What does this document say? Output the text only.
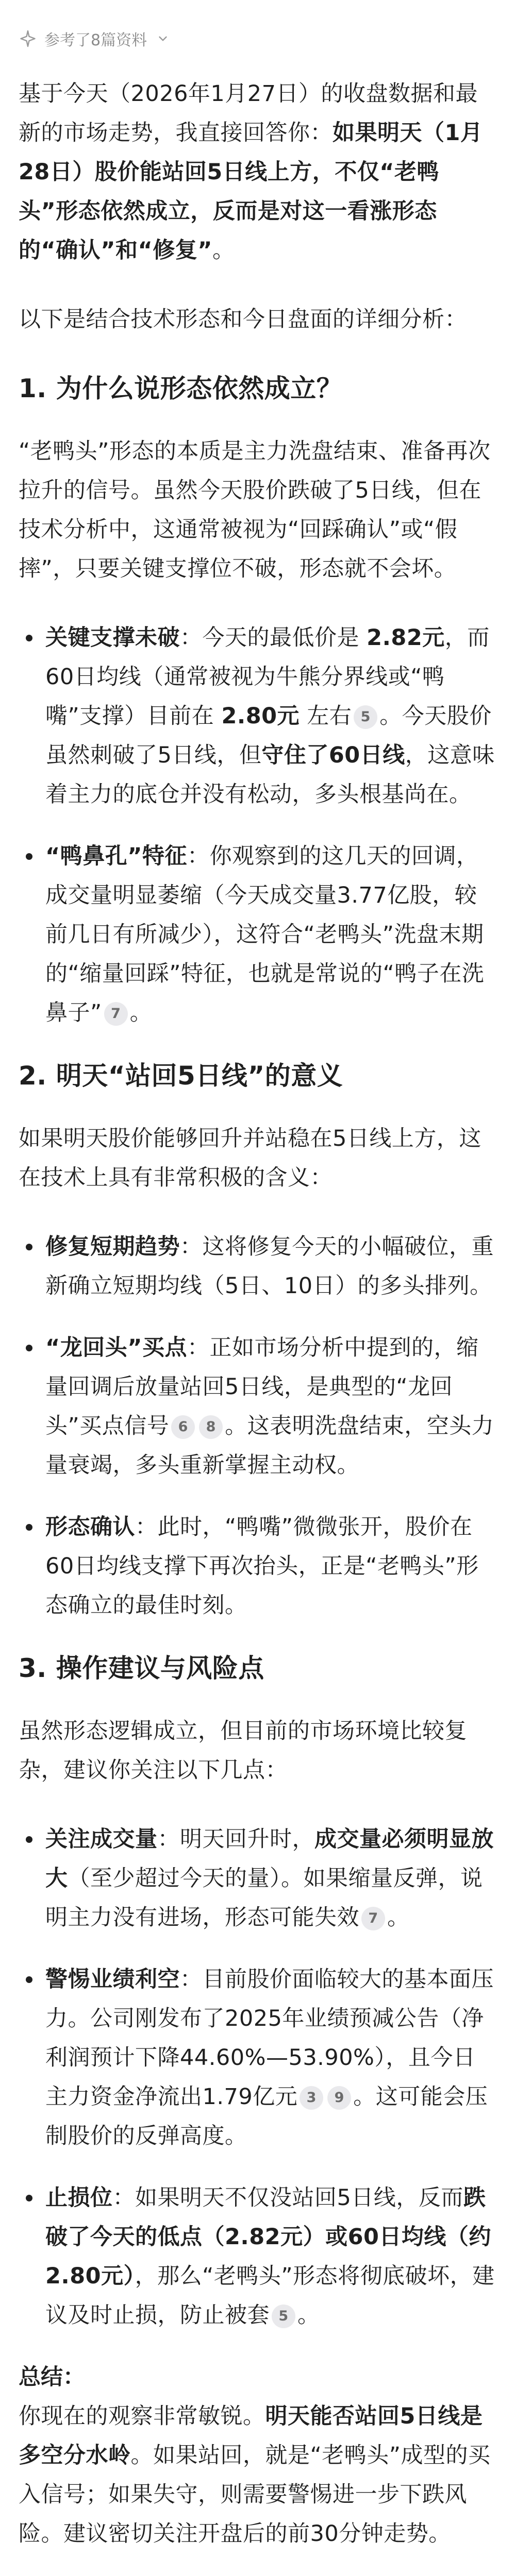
参考了8篇资料

基于今天（2026年1月27日）的收盘数据和最新的市场走势，我直接回答你：如果明天（1月28日）股价能站回5日线上方，不仅“老鸭头”形态依然成立，反而是对这一看涨形态的“确认”和“修复”。

以下是结合技术形态和今日盘面的详细分析：

1. 为什么说形态依然成立？

“老鸭头”形态的本质是主力洗盘结束、准备再次拉升的信号。虽然今天股价跌破了5日线，但在技术分析中，这通常被视为“回踩确认”或“假摔”，只要关键支撑位不破，形态就不会坏。

关键支撑未破：今天的最低价是 2.82元，而60日均线（通常被视为牛熊分界线或“鸭嘴”支撑）目前在 2.80元 左右 5 。今天股价虽然刺破了5日线，但守住了60日线，这意味着主力的底仓并没有松动，多头根基尚在。
“鸭鼻孔”特征：你观察到的这几天的回调，成交量明显萎缩（今天成交量3.77亿股，较前几日有所减少），这符合“老鸭头”洗盘末期的“缩量回踩”特征，也就是常说的“鸭子在洗鼻子” 7 。
2. 明天“站回5日线”的意义

如果明天股价能够回升并站稳在5日线上方，这在技术上具有非常积极的含义：

修复短期趋势：这将修复今天的小幅破位，重新确立短期均线（5日、10日）的多头排列。
“龙回头”买点：正如市场分析中提到的，缩量回调后放量站回5日线，是典型的“龙回头”买点信号 6 8 。这表明洗盘结束，空头力量衰竭，多头重新掌握主动权。
形态确认：此时，“鸭嘴”微微张开，股价在60日均线支撑下再次抬头，正是“老鸭头”形态确立的最佳时刻。
3. 操作建议与风险点

虽然形态逻辑成立，但目前的市场环境比较复杂，建议你关注以下几点：

关注成交量：明天回升时，成交量必须明显放大（至少超过今天的量）。如果缩量反弹，说明主力没有进场，形态可能失效 7 。
警惕业绩利空：目前股价面临较大的基本面压力。公司刚发布了2025年业绩预减公告（净利润预计下降44.60%—53.90%），且今日主力资金净流出1.79亿元 3 9 。这可能会压制股价的反弹高度。
止损位：如果明天不仅没站回5日线，反而跌破了今天的低点（2.82元）或60日均线（约2.80元），那么“老鸭头”形态将彻底破坏，建议及时止损，防止被套 5 。
总结：

你现在的观察非常敏锐。明天能否站回5日线是多空分水岭。如果站回，就是“老鸭头”成型的买入信号；如果失守，则需要警惕进一步下跌风险。建议密切关注开盘后的前30分钟走势。
